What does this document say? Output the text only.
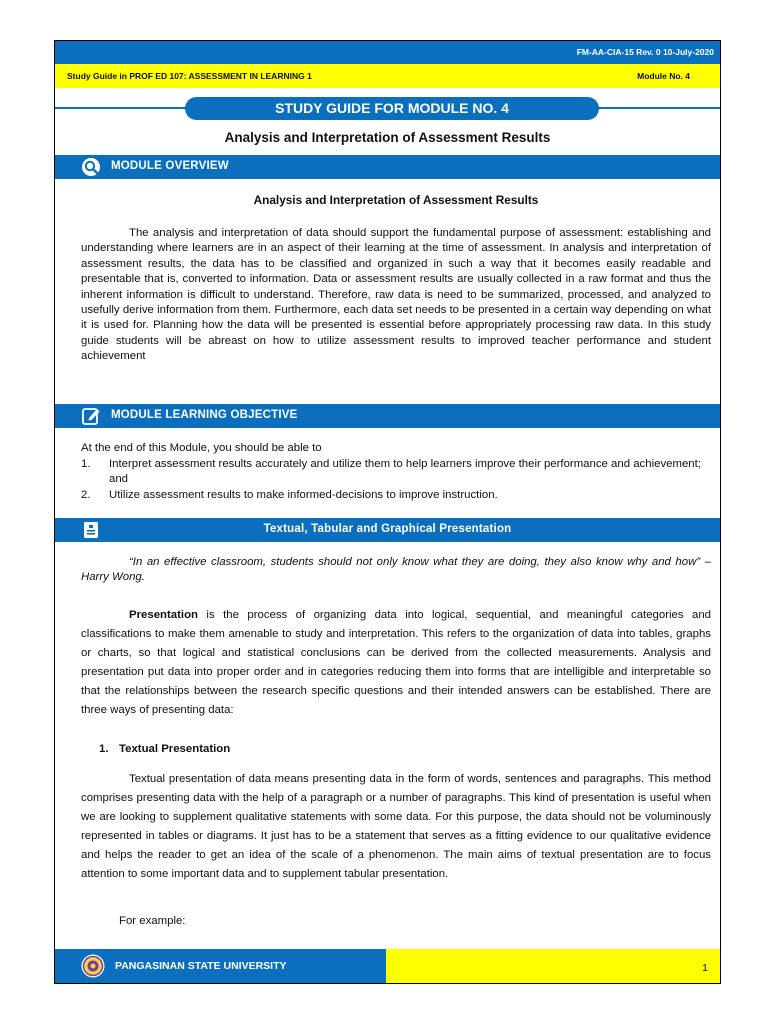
FM-AA-CIA-15 Rev. 0 10-July-2020
Study Guide in PROF ED 107: ASSESSMENT IN LEARNING 1	Module No. 4
STUDY GUIDE FOR MODULE NO. 4
Analysis and Interpretation of Assessment Results
MODULE OVERVIEW
Analysis and Interpretation of Assessment Results
The analysis and interpretation of data should support the fundamental purpose of assessment: establishing and understanding where learners are in an aspect of their learning at the time of assessment. In analysis and interpretation of assessment results, the data has to be classified and organized in such a way that it becomes easily readable and presentable that is, converted to information. Data or assessment results are usually collected in a raw format and thus the inherent information is difficult to understand. Therefore, raw data is need to be summarized, processed, and analyzed to usefully derive information from them. Furthermore, each data set needs to be presented in a certain way depending on what it is used for. Planning how the data will be presented is essential before appropriately processing raw data. In this study guide students will be abreast on how to utilize assessment results to improved teacher performance and student achievement
MODULE LEARNING OBJECTIVE
At the end of this Module, you should be able to
1.	Interpret assessment results accurately and utilize them to help learners improve their performance and achievement; and
2.	Utilize assessment results to make informed-decisions to improve instruction.
Textual, Tabular and Graphical Presentation
“In an effective classroom, students should not only know what they are doing, they also know why and how” – Harry Wong.
Presentation is the process of organizing data into logical, sequential, and meaningful categories and classifications to make them amenable to study and interpretation. This refers to the organization of data into tables, graphs or charts, so that logical and statistical conclusions can be derived from the collected measurements. Analysis and presentation put data into proper order and in categories reducing them into forms that are intelligible and interpretable so that the relationships between the research specific questions and their intended answers can be established. There are three ways of presenting data:
1. Textual Presentation
Textual presentation of data means presenting data in the form of words, sentences and paragraphs. This method comprises presenting data with the help of a paragraph or a number of paragraphs. This kind of presentation is useful when we are looking to supplement qualitative statements with some data. For this purpose, the data should not be voluminously represented in tables or diagrams. It just has to be a statement that serves as a fitting evidence to our qualitative evidence and helps the reader to get an idea of the scale of a phenomenon. The main aims of textual presentation are to focus attention to some important data and to supplement tabular presentation.
For example:
PANGASINAN STATE UNIVERSITY	1
